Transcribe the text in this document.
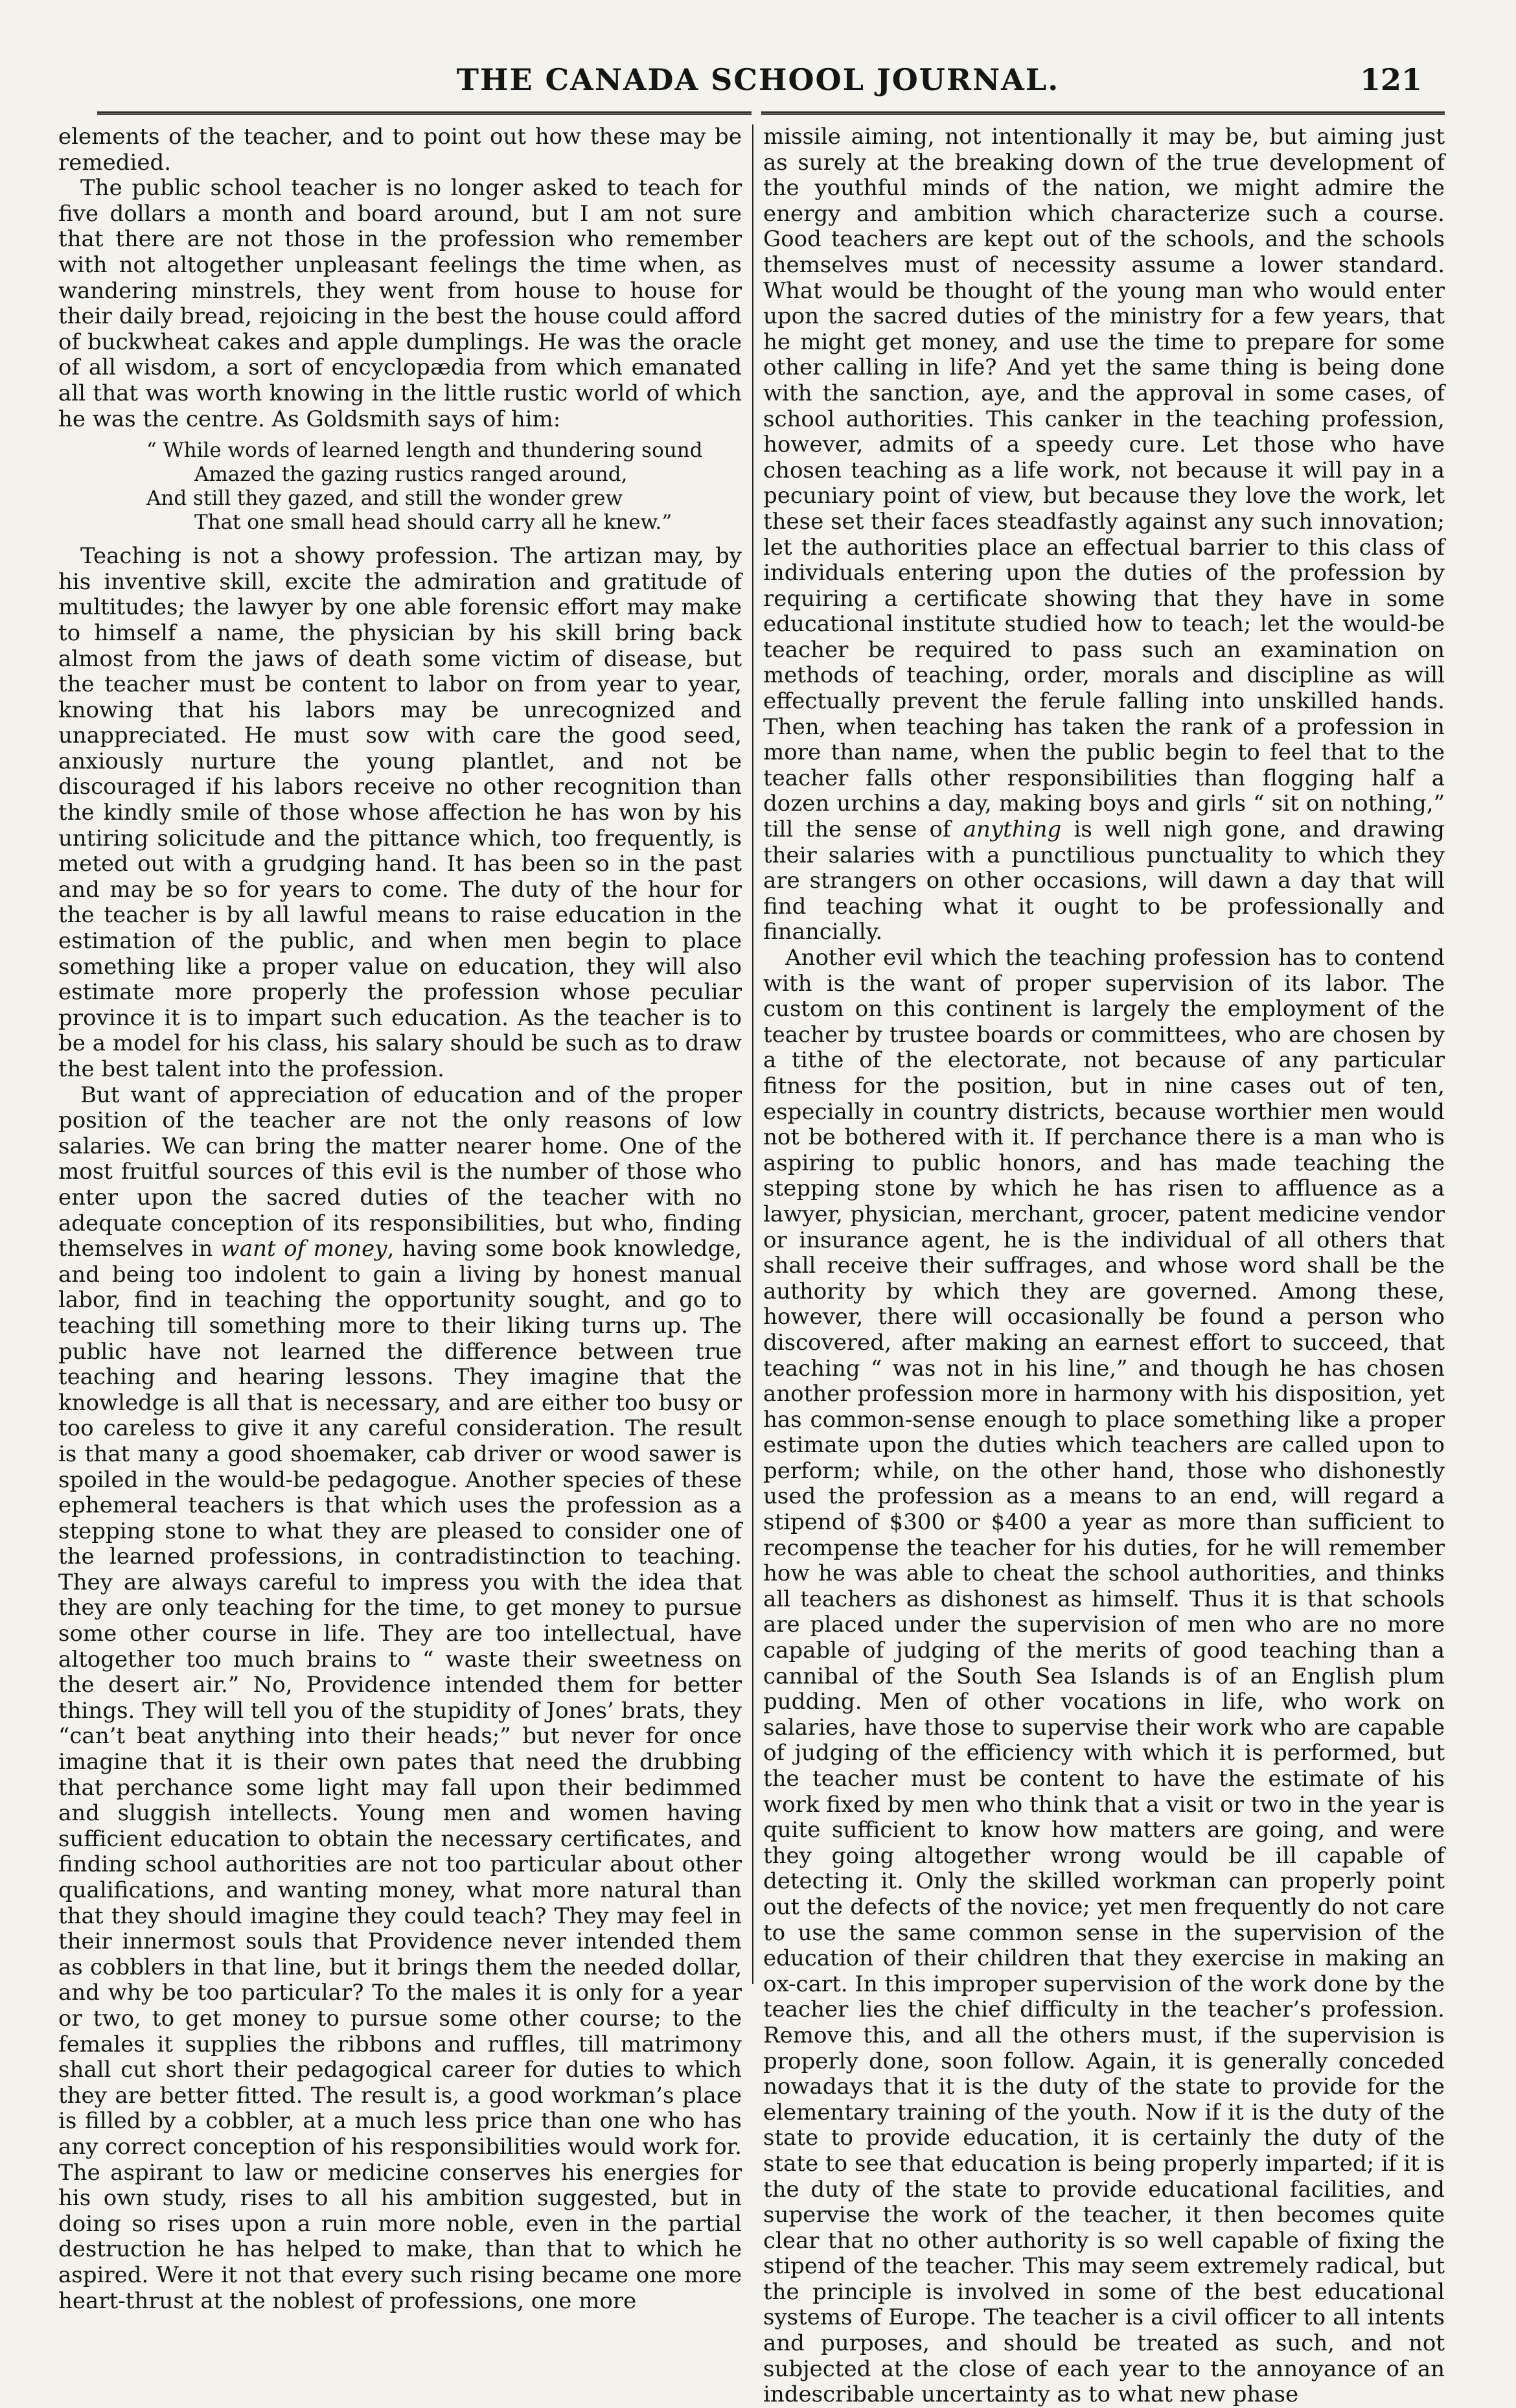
THE CANADA SCHOOL JOURNAL.	121

elements of the teacher, and to point out how these may be remedied.

The public school teacher is no longer asked to teach for five dollars a month and board around, but I am not sure that there are not those in the profession who remember with not altogether unpleasant feelings the time when, as wandering minstrels, they went from house to house for their daily bread, rejoicing in the best the house could afford of buckwheat cakes and apple dumplings. He was the oracle of all wisdom, a sort of encyclopædia from which emanated all that was worth knowing in the little rustic world of which he was the centre. As Goldsmith says of him:

“ While words of learned length and thundering sound
Amazed the gazing rustics ranged around,
And still they gazed, and still the wonder grew
That one small head should carry all he knew.”

Teaching is not a showy profession. The artizan may, by his inventive skill, excite the admiration and gratitude of multitudes; the lawyer by one able forensic effort may make to himself a name, the physician by his skill bring back almost from the jaws of death some victim of disease, but the teacher must be content to labor on from year to year, knowing that his labors may be unrecognized and unappreciated. He must sow with care the good seed, anxiously nurture the young plantlet, and not be discouraged if his labors receive no other recognition than the kindly smile of those whose affection he has won by his untiring solicitude and the pittance which, too frequently, is meted out with a grudging hand. It has been so in the past and may be so for years to come. The duty of the hour for the teacher is by all lawful means to raise education in the estimation of the public, and when men begin to place something like a proper value on education, they will also estimate more properly the profession whose peculiar province it is to impart such education. As the teacher is to be a model for his class, his salary should be such as to draw the best talent into the profession.

But want of appreciation of education and of the proper position of the teacher are not the only reasons of low salaries. We can bring the matter nearer home. One of the most fruitful sources of this evil is the number of those who enter upon the sacred duties of the teacher with no adequate conception of its responsibilities, but who, finding themselves in want of money, having some book knowledge, and being too indolent to gain a living by honest manual labor, find in teaching the opportunity sought, and go to teaching till something more to their liking turns up. The public have not learned the difference between true teaching and hearing lessons. They imagine that the knowledge is all that is necessary, and are either too busy or too careless to give it any careful consideration. The result is that many a good shoemaker, cab driver or wood sawer is spoiled in the would-be pedagogue. Another species of these ephemeral teachers is that which uses the profession as a stepping stone to what they are pleased to consider one of the learned professions, in contradistinction to teaching. They are always careful to impress you with the idea that they are only teaching for the time, to get money to pursue some other course in life. They are too intellectual, have altogether too much brains to “ waste their sweetness on the desert air.” No, Providence intended them for better things. They will tell you of the stupidity of Jones’ brats, they “can’t beat anything into their heads;” but never for once imagine that it is their own pates that need the drubbing that perchance some light may fall upon their bedimmed and sluggish intellects. Young men and women having sufficient education to obtain the necessary certificates, and finding school authorities are not too particular about other qualifications, and wanting money, what more natural than that they should imagine they could teach? They may feel in their innermost souls that Providence never intended them as cobblers in that line, but it brings them the needed dollar, and why be too particular? To the males it is only for a year or two, to get money to pursue some other course; to the females it supplies the ribbons and ruffles, till matrimony shall cut short their pedagogical career for duties to which they are better fitted. The result is, a good workman’s place is filled by a cobbler, at a much less price than one who has any correct conception of his responsibilities would work for. The aspirant to law or medicine conserves his energies for his own study, rises to all his ambition suggested, but in doing so rises upon a ruin more noble, even in the partial destruction he has helped to make, than that to which he aspired. Were it not that every such rising became one more heart-thrust at the noblest of professions, one more

missile aiming, not intentionally it may be, but aiming just as surely at the breaking down of the true development of the youthful minds of the nation, we might admire the energy and ambition which characterize such a course. Good teachers are kept out of the schools, and the schools themselves must of necessity assume a lower standard. What would be thought of the young man who would enter upon the sacred duties of the ministry for a few years, that he might get money, and use the time to prepare for some other calling in life? And yet the same thing is being done with the sanction, aye, and the approval in some cases, of school authorities. This canker in the teaching profession, however, admits of a speedy cure. Let those who have chosen teaching as a life work, not because it will pay in a pecuniary point of view, but because they love the work, let these set their faces steadfastly against any such innovation; let the authorities place an effectual barrier to this class of individuals entering upon the duties of the profession by requiring a certificate showing that they have in some educational institute studied how to teach; let the would-be teacher be required to pass such an examination on methods of teaching, order, morals and discipline as will effectually prevent the ferule falling into unskilled hands. Then, when teaching has taken the rank of a profession in more than name, when the public begin to feel that to the teacher falls other responsibilities than flogging half a dozen urchins a day, making boys and girls “ sit on nothing,” till the sense of anything is well nigh gone, and drawing their salaries with a punctilious punctuality to which they are strangers on other occasions, will dawn a day that will find teaching what it ought to be professionally and financially.

Another evil which the teaching profession has to contend with is the want of proper supervision of its labor. The custom on this continent is largely the employment of the teacher by trustee boards or committees, who are chosen by a tithe of the electorate, not because of any particular fitness for the position, but in nine cases out of ten, especially in country districts, because worthier men would not be bothered with it. If perchance there is a man who is aspiring to public honors, and has made teaching the stepping stone by which he has risen to affluence as a lawyer, physician, merchant, grocer, patent medicine vendor or insurance agent, he is the individual of all others that shall receive their suffrages, and whose word shall be the authority by which they are governed. Among these, however, there will occasionally be found a person who discovered, after making an earnest effort to succeed, that teaching “ was not in his line,” and though he has chosen another profession more in harmony with his disposition, yet has common-sense enough to place something like a proper estimate upon the duties which teachers are called upon to perform; while, on the other hand, those who dishonestly used the profession as a means to an end, will regard a stipend of $300 or $400 a year as more than sufficient to recompense the teacher for his duties, for he will remember how he was able to cheat the school authorities, and thinks all teachers as dishonest as himself. Thus it is that schools are placed under the supervision of men who are no more capable of judging of the merits of good teaching than a cannibal of the South Sea Islands is of an English plum pudding. Men of other vocations in life, who work on salaries, have those to supervise their work who are capable of judging of the efficiency with which it is performed, but the teacher must be content to have the estimate of his work fixed by men who think that a visit or two in the year is quite sufficient to know how matters are going, and were they going altogether wrong would be ill capable of detecting it. Only the skilled workman can properly point out the defects of the novice; yet men frequently do not care to use the same common sense in the supervision of the education of their children that they exercise in making an ox-cart. In this improper supervision of the work done by the teacher lies the chief difficulty in the teacher’s profession. Remove this, and all the others must, if the supervision is properly done, soon follow. Again, it is generally conceded nowadays that it is the duty of the state to provide for the elementary training of the youth. Now if it is the duty of the state to provide education, it is certainly the duty of the state to see that education is being properly imparted; if it is the duty of the state to provide educational facilities, and supervise the work of the teacher, it then becomes quite clear that no other authority is so well capable of fixing the stipend of the teacher. This may seem extremely radical, but the principle is involved in some of the best educational systems of Europe. The teacher is a civil officer to all intents and purposes, and should be treated as such, and not subjected at the close of each year to the annoyance of an indescribable uncertainty as to what new phase
